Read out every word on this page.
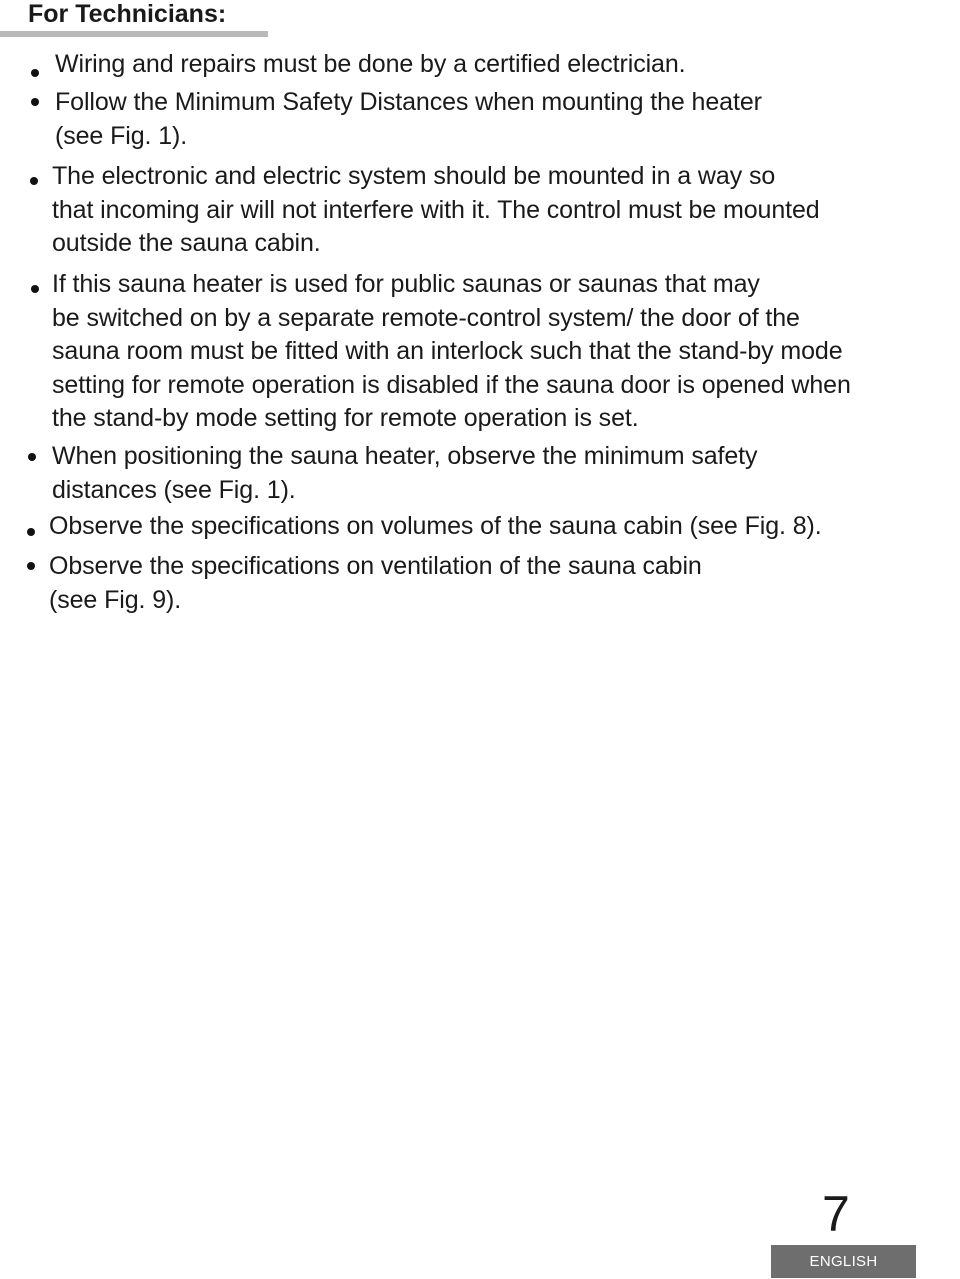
For Technicians:

Wiring and repairs must be done by a certified electrician.

Follow the Minimum Safety Distances when mounting the heater
(see Fig. 1).

The electronic and electric system should be mounted in a way so
that incoming air will not interfere with it. The control must be mounted
outside the sauna cabin.

If this sauna heater is used for public saunas or saunas that may
be switched on by a separate remote-control system/ the door of the
sauna room must be fitted with an interlock such that the stand-by mode
setting for remote operation is disabled if the sauna door is opened when
the stand-by mode setting for remote operation is set.

When positioning the sauna heater, observe the minimum safety
distances (see Fig. 1).

Observe the specifications on volumes of the sauna cabin (see Fig. 8).

Observe the specifications on ventilation of the sauna cabin
(see Fig. 9).

7
ENGLISH
